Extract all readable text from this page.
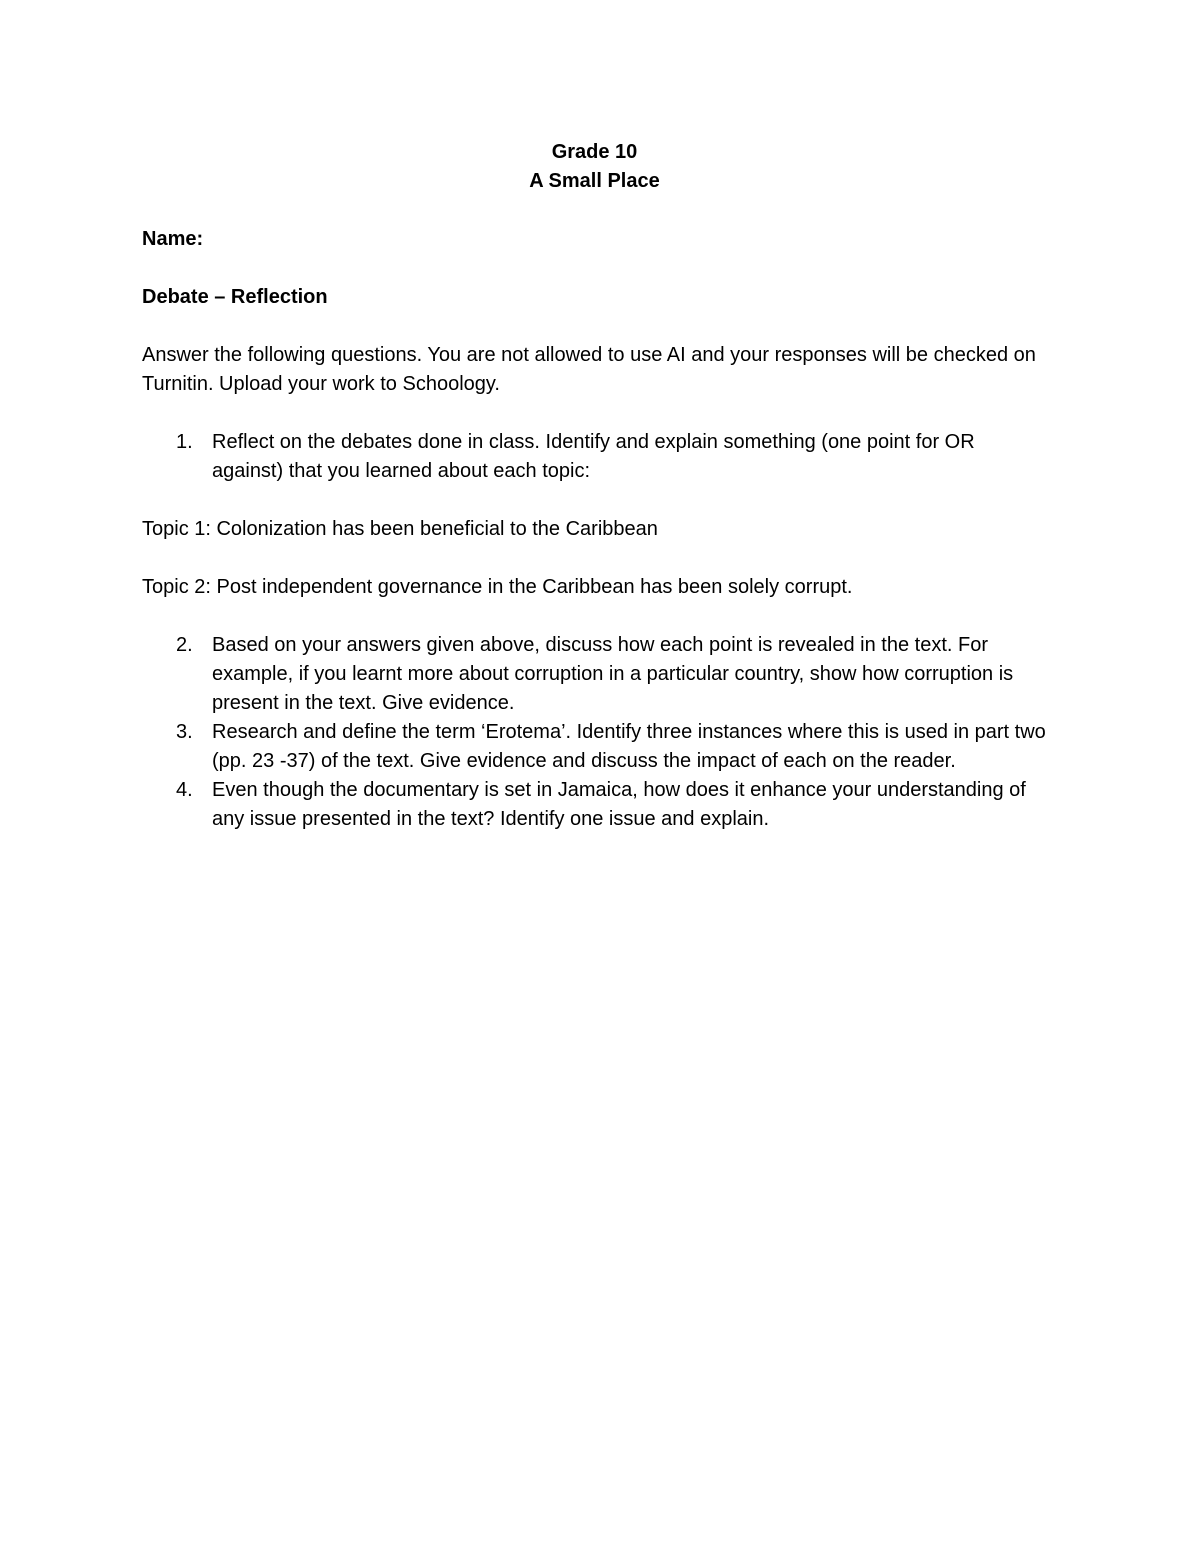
Grade 10
A Small Place
Name:
Debate – Reflection

Answer the following questions. You are not allowed to use AI and your responses will be checked on Turnitin. Upload your work to Schoology.

1. Reflect on the debates done in class. Identify and explain something (one point for OR against) that you learned about each topic:
Topic 1: Colonization has been beneficial to the Caribbean
Topic 2: Post independent governance in the Caribbean has been solely corrupt.
2. Based on your answers given above, discuss how each point is revealed in the text. For example, if you learnt more about corruption in a particular country, show how corruption is present in the text. Give evidence.
3. Research and define the term ‘Erotema’. Identify three instances where this is used in part two (pp. 23 -37) of the text. Give evidence and discuss the impact of each on the reader.
4. Even though the documentary is set in Jamaica, how does it enhance your understanding of any issue presented in the text? Identify one issue and explain.
